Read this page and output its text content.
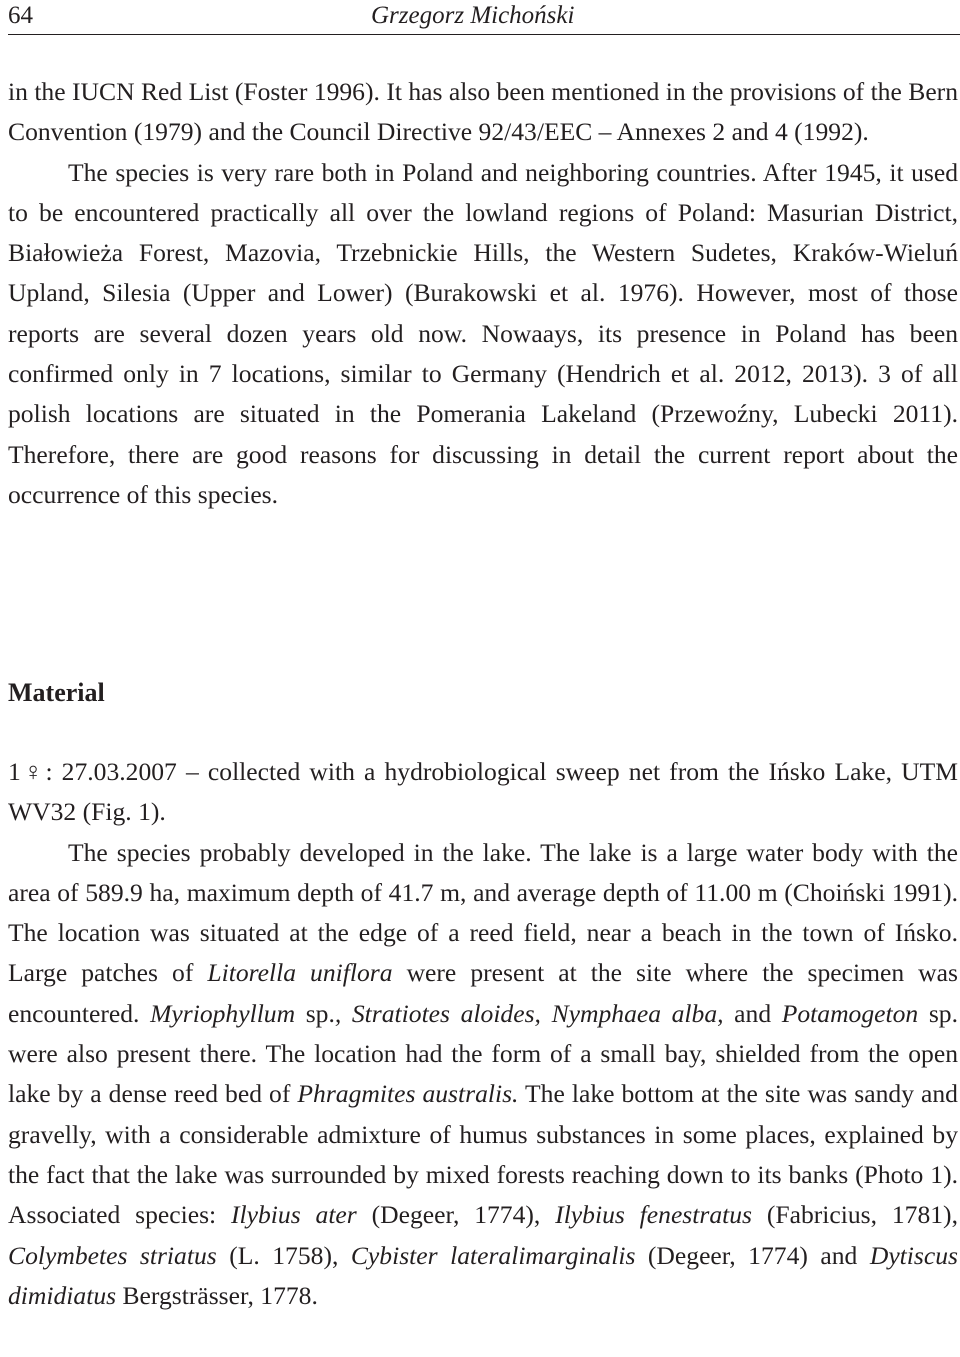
64	Grzegorz Michoński

in the IUCN Red List (Foster 1996). It has also been mentioned in the provisions of the Bern Convention (1979) and the Council Directive 92/43/EEC – Annexes 2 and 4 (1992).

The species is very rare both in Poland and neighboring countries. After 1945, it used to be encountered practically all over the lowland regions of Poland: Masurian District, Białowieża Forest, Mazovia, Trzebnickie Hills, the Western Sudetes, Kraków-Wieluń Upland, Silesia (Upper and Lower) (Burakowski et al. 1976). However, most of those reports are several dozen years old now. Nowaays, its presence in Poland has been confirmed only in 7 locations, similar to Germany (Hendrich et al. 2012, 2013). 3 of all polish locations are situated in the Pomerania Lakeland (Przewoźny, Lubecki 2011). Therefore, there are good reasons for discussing in detail the current report about the occurrence of this species.

Material

1♀: 27.03.2007 – collected with a hydrobiological sweep net from the Ińsko Lake, UTM WV32 (Fig. 1).

The species probably developed in the lake. The lake is a large water body with the area of 589.9 ha, maximum depth of 41.7 m, and average depth of 11.00 m (Choiński 1991). The location was situated at the edge of a reed field, near a beach in the town of Ińsko. Large patches of Litorella uniflora were present at the site where the specimen was encountered. Myriophyllum sp., Stratiotes aloides, Nymphaea alba, and Potamogeton sp. were also present there. The location had the form of a small bay, shielded from the open lake by a dense reed bed of Phragmites australis. The lake bottom at the site was sandy and gravelly, with a considerable admixture of humus substances in some places, explained by the fact that the lake was surrounded by mixed forests reaching down to its banks (Photo 1). Associated species: Ilybius ater (Degeer, 1774), Ilybius fenestratus (Fabricius, 1781), Colymbetes striatus (L. 1758), Cybister lateralimarginalis (Degeer, 1774) and Dytiscus dimidiatus Bergsträsser, 1778.
